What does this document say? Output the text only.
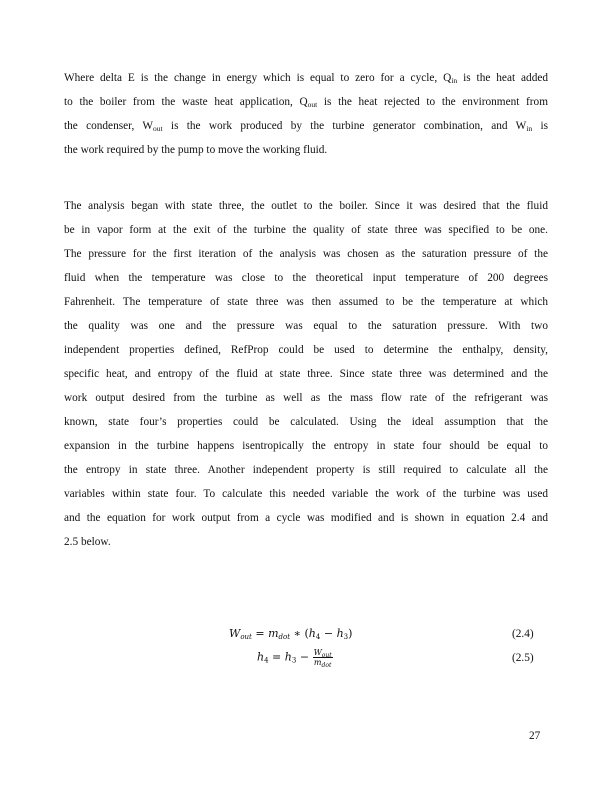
Where delta E is the change in energy which is equal to zero for a cycle, $Q_{in}$ is the heat added
to the boiler from the waste heat application, $Q_{out}$ is the heat rejected to the environment from
the condenser, $W_{out}$ is the work produced by the turbine generator combination, and $W_{in}$ is
the work required by the pump to move the working fluid.
The analysis began with state three, the outlet to the boiler. Since it was desired that the fluid
be in vapor form at the exit of the turbine the quality of state three was specified to be one.
The pressure for the first iteration of the analysis was chosen as the saturation pressure of the
fluid when the temperature was close to the theoretical input temperature of 200 degrees
Fahrenheit. The temperature of state three was then assumed to be the temperature at which
the quality was one and the pressure was equal to the saturation pressure. With two
independent properties defined, RefProp could be used to determine the enthalpy, density,
specific heat, and entropy of the fluid at state three. Since state three was determined and the
work output desired from the turbine as well as the mass flow rate of the refrigerant was
known, state four’s properties could be calculated. Using the ideal assumption that the
expansion in the turbine happens isentropically the entropy in state four should be equal to
the entropy in state three. Another independent property is still required to calculate all the
variables within state four. To calculate this needed variable the work of the turbine was used
and the equation for work output from a cycle was modified and is shown in equation 2.4 and
2.5 below.
$W_{out} = m_{dot}$ ∗ $(h_4 - h_3)$	(2.4)
$h_4 = h_3 - \frac{W_{out}}{m_{dot}}$	(2.5)
27
